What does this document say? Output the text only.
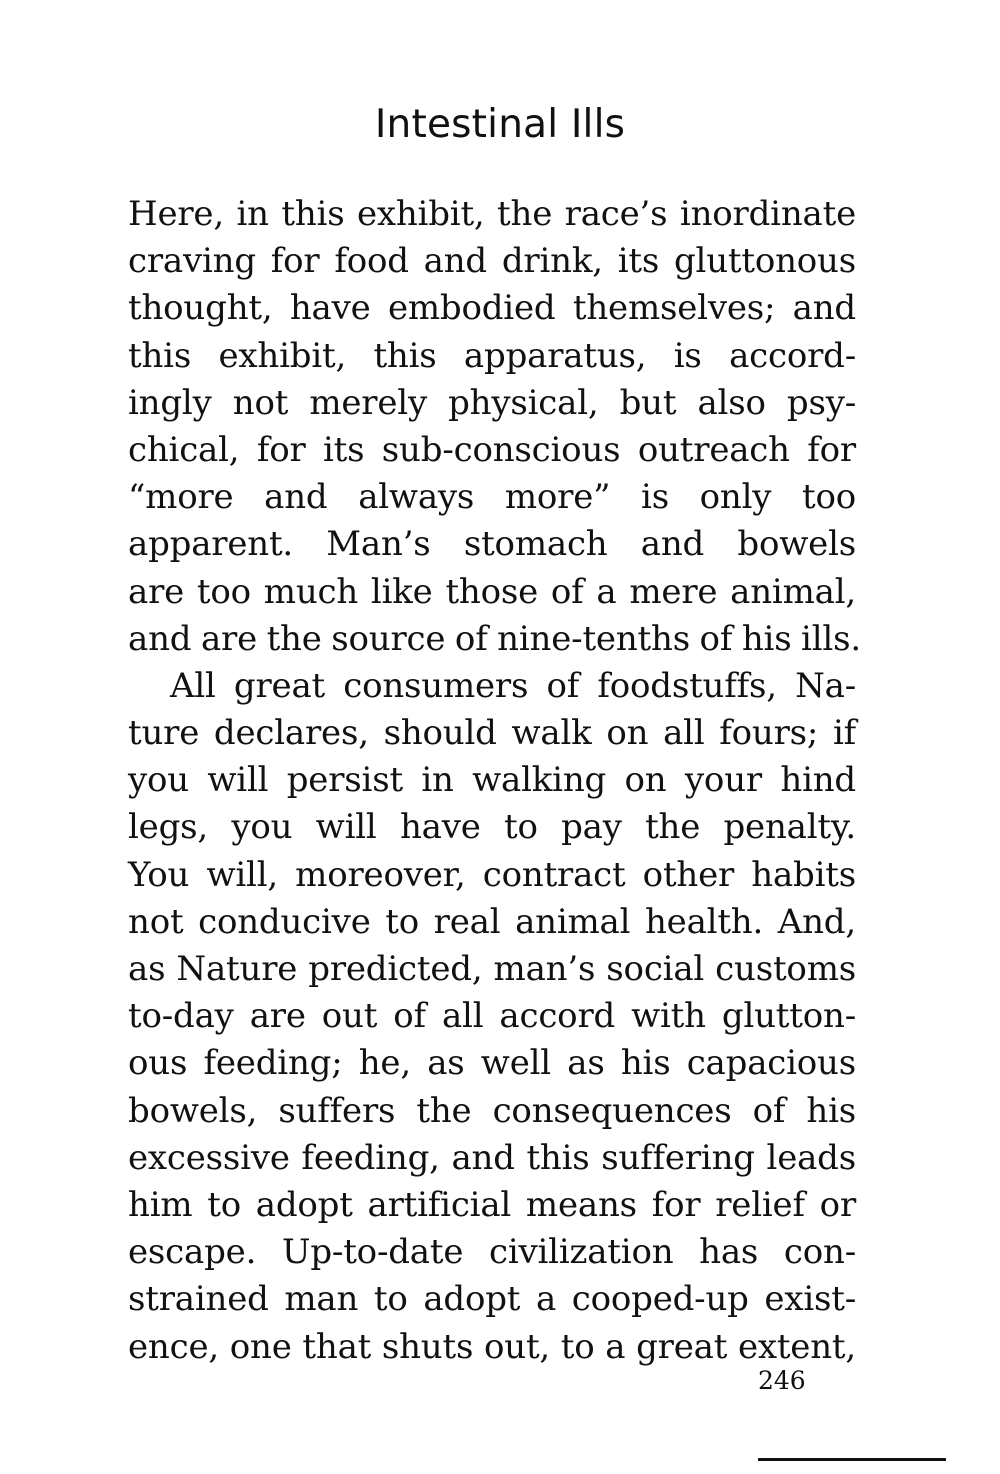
Intestinal Ills
Here, in this exhibit, the race’s inordinate
craving for food and drink, its gluttonous
thought, have embodied themselves; and
this exhibit, this apparatus, is accord-
ingly not merely physical, but also psy-
chical, for its sub-conscious outreach for
“more and always more” is only too
apparent. Man’s stomach and bowels
are too much like those of a mere animal,
and are the source of nine-tenths of his ills.
All great consumers of foodstuffs, Na-
ture declares, should walk on all fours; if
you will persist in walking on your hind
legs, you will have to pay the penalty.
You will, moreover, contract other habits
not conducive to real animal health. And,
as Nature predicted, man’s social customs
to-day are out of all accord with glutton-
ous feeding; he, as well as his capacious
bowels, suffers the consequences of his
excessive feeding, and this suffering leads
him to adopt artificial means for relief or
escape. Up-to-date civilization has con-
strained man to adopt a cooped-up exist-
ence, one that shuts out, to a great extent,
246
